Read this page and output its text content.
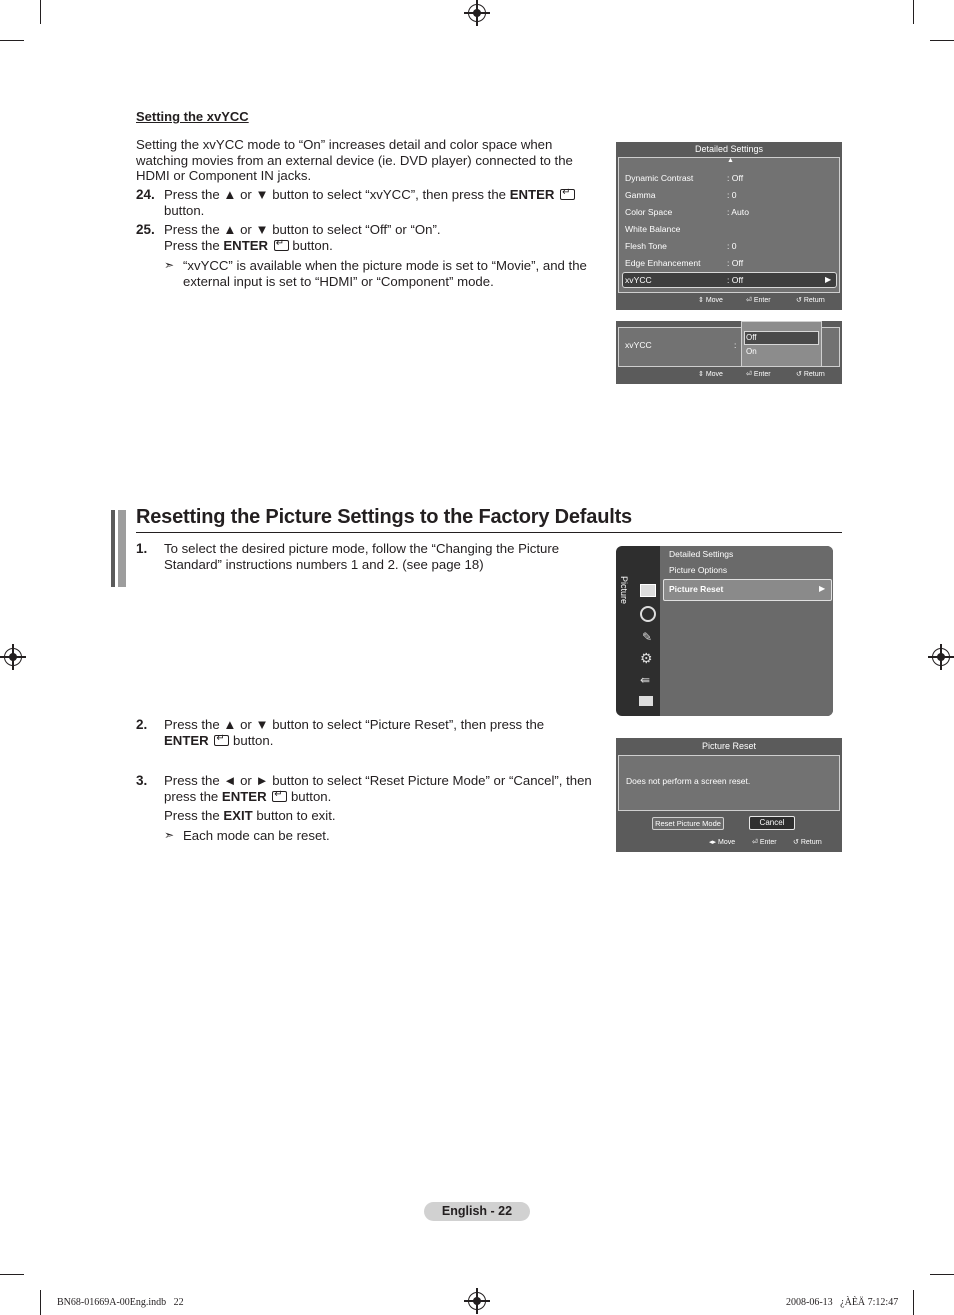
Setting the xvYCC
Setting the xvYCC mode to “On” increases detail and color space when watching movies from an external device (ie. DVD player) connected to the HDMI or Component IN jacks.
24. Press the ▲ or ▼ button to select “xvYCC”, then press the ENTER ↵
button.
25. Press the ▲ or ▼ button to select “Off” or “On”.
Press the ENTER ↵ button.
➣ “xvYCC” is available when the picture mode is set to “Movie”, and the external input is set to “HDMI” or “Component” mode.
Detailed Settings
▲
Dynamic Contrast	: Off
Gamma	: 0
Color Space	: Auto
White Balance
Flesh Tone	: 0
Edge Enhancement	: Off
xvYCC	: Off	▶
⇕ Move	⏎ Enter	↺ Return
xvYCC	:
Off
On
⇕ Move	⏎ Enter	↺ Return
Resetting the Picture Settings to the Factory Defaults
1. To select the desired picture mode, follow the “Changing the Picture Standard” instructions numbers 1 and 2. (see page 18)
Picture
✎
⚙
⇚
Detailed Settings
Picture Options
Picture Reset	▶
2. Press the ▲ or ▼ button to select “Picture Reset”, then press the
ENTER ↵ button.
3. Press the ◄ or ► button to select “Reset Picture Mode” or “Cancel”, then
press the ENTER ↵ button.
Press the EXIT button to exit.
➣ Each mode can be reset.
Picture Reset
Does not perform a screen reset.
Reset Picture Mode	Cancel
◂▸ Move ⏎ Enter ↺ Return
English - 22
BN68-01669A-00Eng.indb   22	2008-06-13   ¿ÀÈÄ 7:12:47
